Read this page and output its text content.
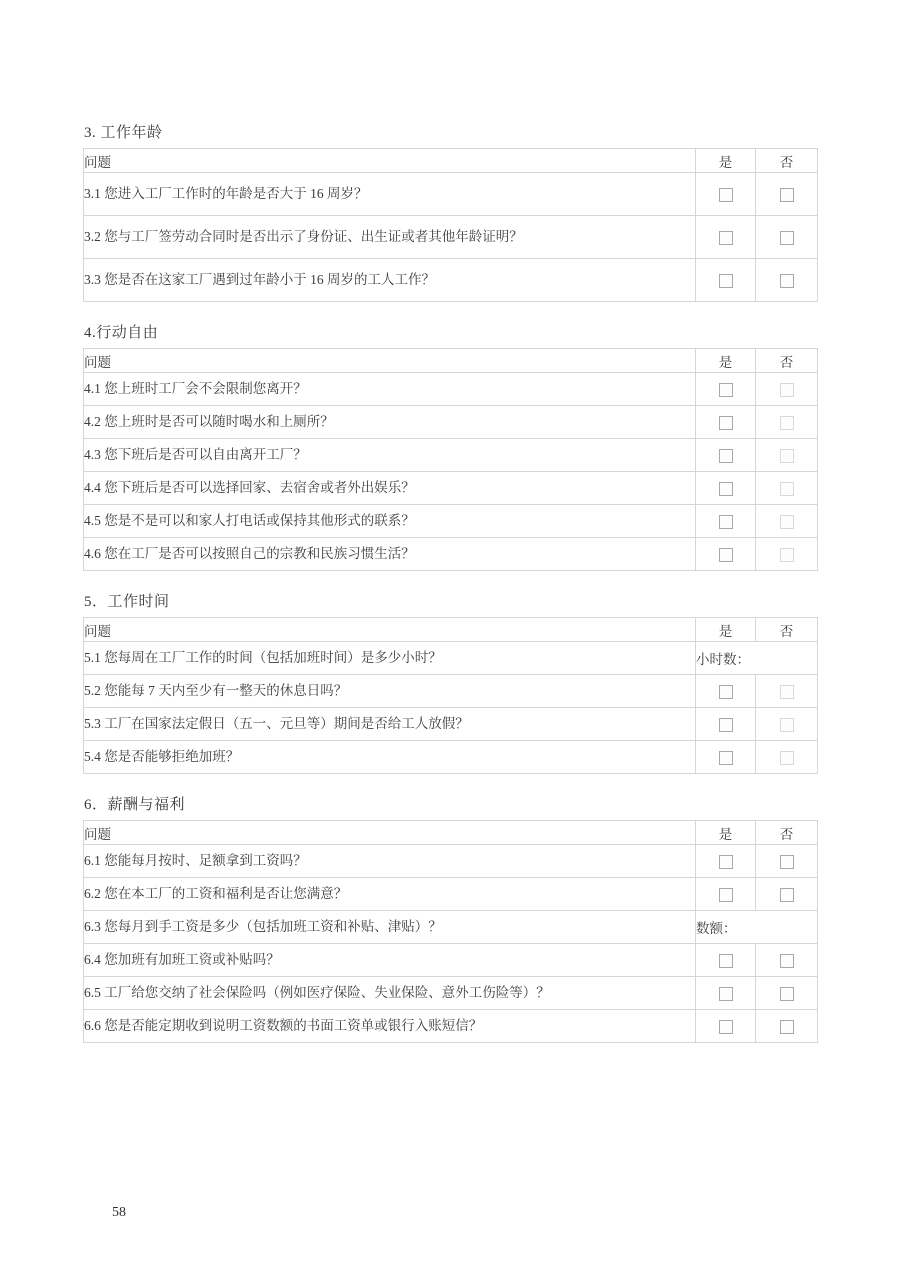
3. 工作年龄
问题	是	否
3.1 您进入工厂工作时的年龄是否大于 16 周岁？		
3.2 您与工厂签劳动合同时是否出示了身份证、出生证或者其他年龄证明？		
3.3 您是否在这家工厂遇到过年龄小于 16 周岁的工人工作？		
4.行动自由
问题	是	否
4.1 您上班时工厂会不会限制您离开？		
4.2 您上班时是否可以随时喝水和上厕所？		
4.3 您下班后是否可以自由离开工厂？		
4.4 您下班后是否可以选择回家、去宿舍或者外出娱乐？		
4.5 您是不是可以和家人打电话或保持其他形式的联系？		
4.6 您在工厂是否可以按照自己的宗教和民族习惯生活？		
5．工作时间
问题	是	否
5.1 您每周在工厂工作的时间（包括加班时间）是多少小时？	小时数：	
5.2 您能每 7 天内至少有一整天的休息日吗？		
5.3 工厂在国家法定假日（五一、元旦等）期间是否给工人放假？		
5.4 您是否能够拒绝加班？		
6．薪酬与福利
问题	是	否
6.1 您能每月按时、足额拿到工资吗？		
6.2 您在本工厂的工资和福利是否让您满意？		
6.3 您每月到手工资是多少（包括加班工资和补贴、津贴）？	数额：	
6.4 您加班有加班工资或补贴吗？		
6.5 工厂给您交纳了社会保险吗（例如医疗保险、失业保险、意外工伤险等）？		
6.6 您是否能定期收到说明工资数额的书面工资单或银行入账短信？		
58
